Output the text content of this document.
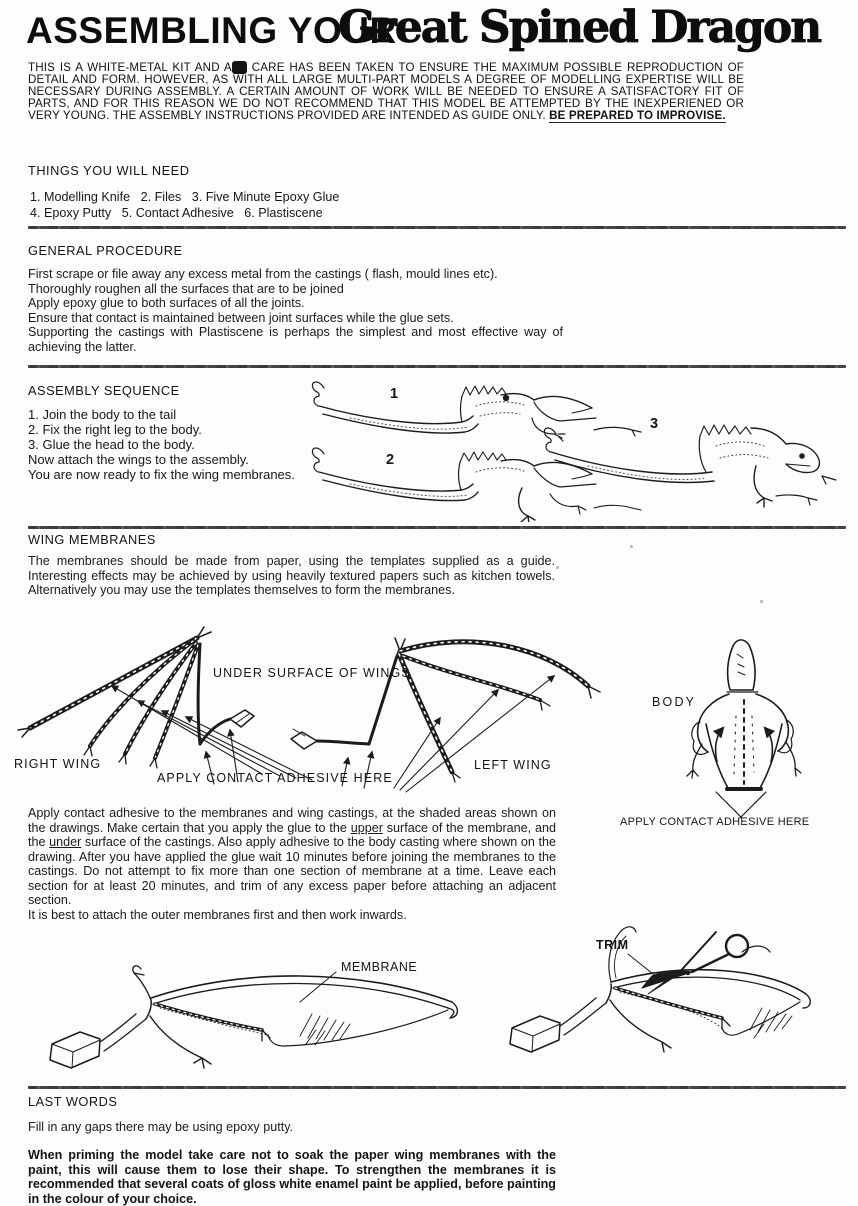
ASSEMBLING YOUR
Great Spined Dragon

THIS IS A WHITE-METAL KIT AND ALL CARE HAS BEEN TAKEN TO ENSURE THE MAXIMUM POSSIBLE REPRODUCTION OF DETAIL AND FORM. HOWEVER, AS WITH ALL LARGE MULTI-PART MODELS A DEGREE OF MODELLING EXPERTISE WILL BE NECESSARY DURING ASSEMBLY. A CERTAIN AMOUNT OF WORK WILL BE NEEDED TO ENSURE A SATISFACTORY FIT OF PARTS, AND FOR THIS REASON WE DO NOT RECOMMEND THAT THIS MODEL BE ATTEMPTED BY THE INEXPERIENED OR VERY YOUNG. THE ASSEMBLY INSTRUCTIONS PROVIDED ARE INTENDED AS GUIDE ONLY. BE PREPARED TO IMPROVISE.

THINGS YOU WILL NEED
1. Modelling Knife   2. Files   3. Five Minute Epoxy Glue
4. Epoxy Putty   5. Contact Adhesive   6. Plastiscene
GENERAL PROCEDURE
First scrape or file away any excess metal from the castings ( flash, mould lines etc).
Thoroughly roughen all the surfaces that are to be joined
Apply epoxy glue to both surfaces of all the joints.
Ensure that contact is maintained between joint surfaces while the glue sets.
Supporting the castings with Plastiscene is perhaps the simplest and most effective way of achieving the latter.
ASSEMBLY SEQUENCE
1. Join the body to the tail
2. Fix the right leg to the body.
3. Glue the head to the body.
Now attach the wings to the assembly.
You are now ready to fix the wing membranes.
1
2
3
WING MEMBRANES

The membranes should be made from paper, using the templates supplied as a guide. Interesting effects may be achieved by using heavily textured papers such as kitchen towels. Alternatively you may use the templates themselves to form the membranes.

UNDER SURFACE OF WINGS
RIGHT WING
APPLY CONTACT ADHESIVE HERE
LEFT WING
BODY
APPLY CONTACT ADHESIVE HERE

Apply contact adhesive to the membranes and wing castings, at the shaded areas shown on the drawings. Make certain that you apply the glue to the upper surface of the membrane, and the under surface of the castings. Also apply adhesive to the body casting where shown on the drawing. After you have applied the glue wait 10 minutes before joining the membranes to the castings. Do not attempt to fix more than one section of membrane at a time. Leave each section for at least 20 minutes, and trim of any excess paper before attaching an adjacent section.

It is best to attach the outer membranes first and then work inwards.

MEMBRANE
TRIM
LAST WORDS

Fill in any gaps there may be using epoxy putty.

When priming the model take care not to soak the paper wing membranes with the paint, this will cause them to lose their shape. To strengthen the membranes it is recommended that several coats of gloss white enamel paint be applied, before painting in the colour of your choice.
